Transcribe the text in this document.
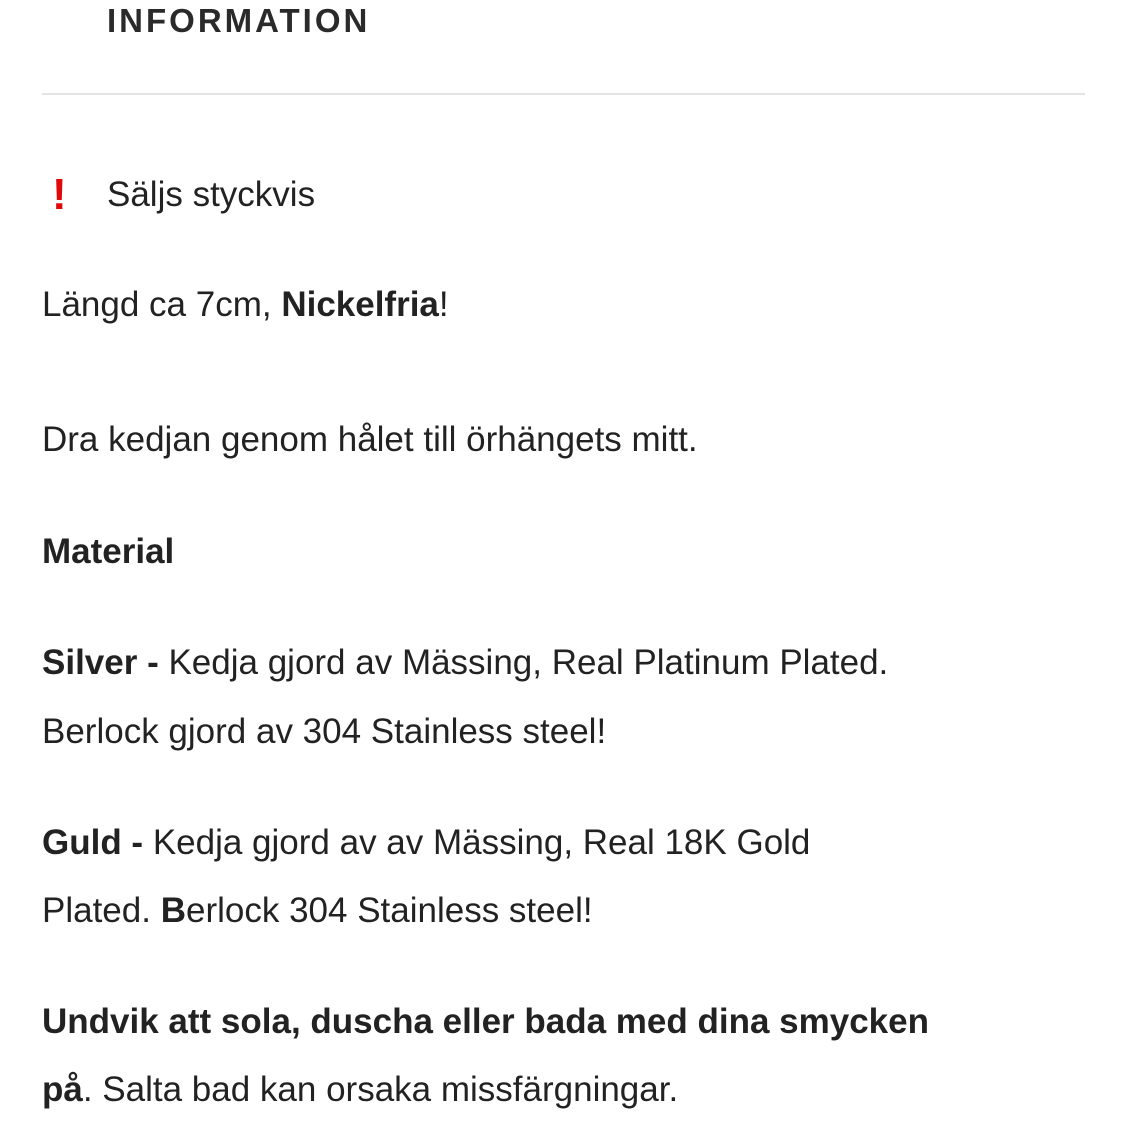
INFORMATION
! Säljs styckvis
Längd ca 7cm, Nickelfria!
Dra kedjan genom hålet till örhängets mitt.
Material
Silver - Kedja gjord av Mässing, Real Platinum Plated.
Berlock gjord av 304 Stainless steel!
Guld - Kedja gjord av av Mässing, Real 18K Gold
Plated. Berlock 304 Stainless steel!
Undvik att sola, duscha eller bada med dina smycken
på. Salta bad kan orsaka missfärgningar.
